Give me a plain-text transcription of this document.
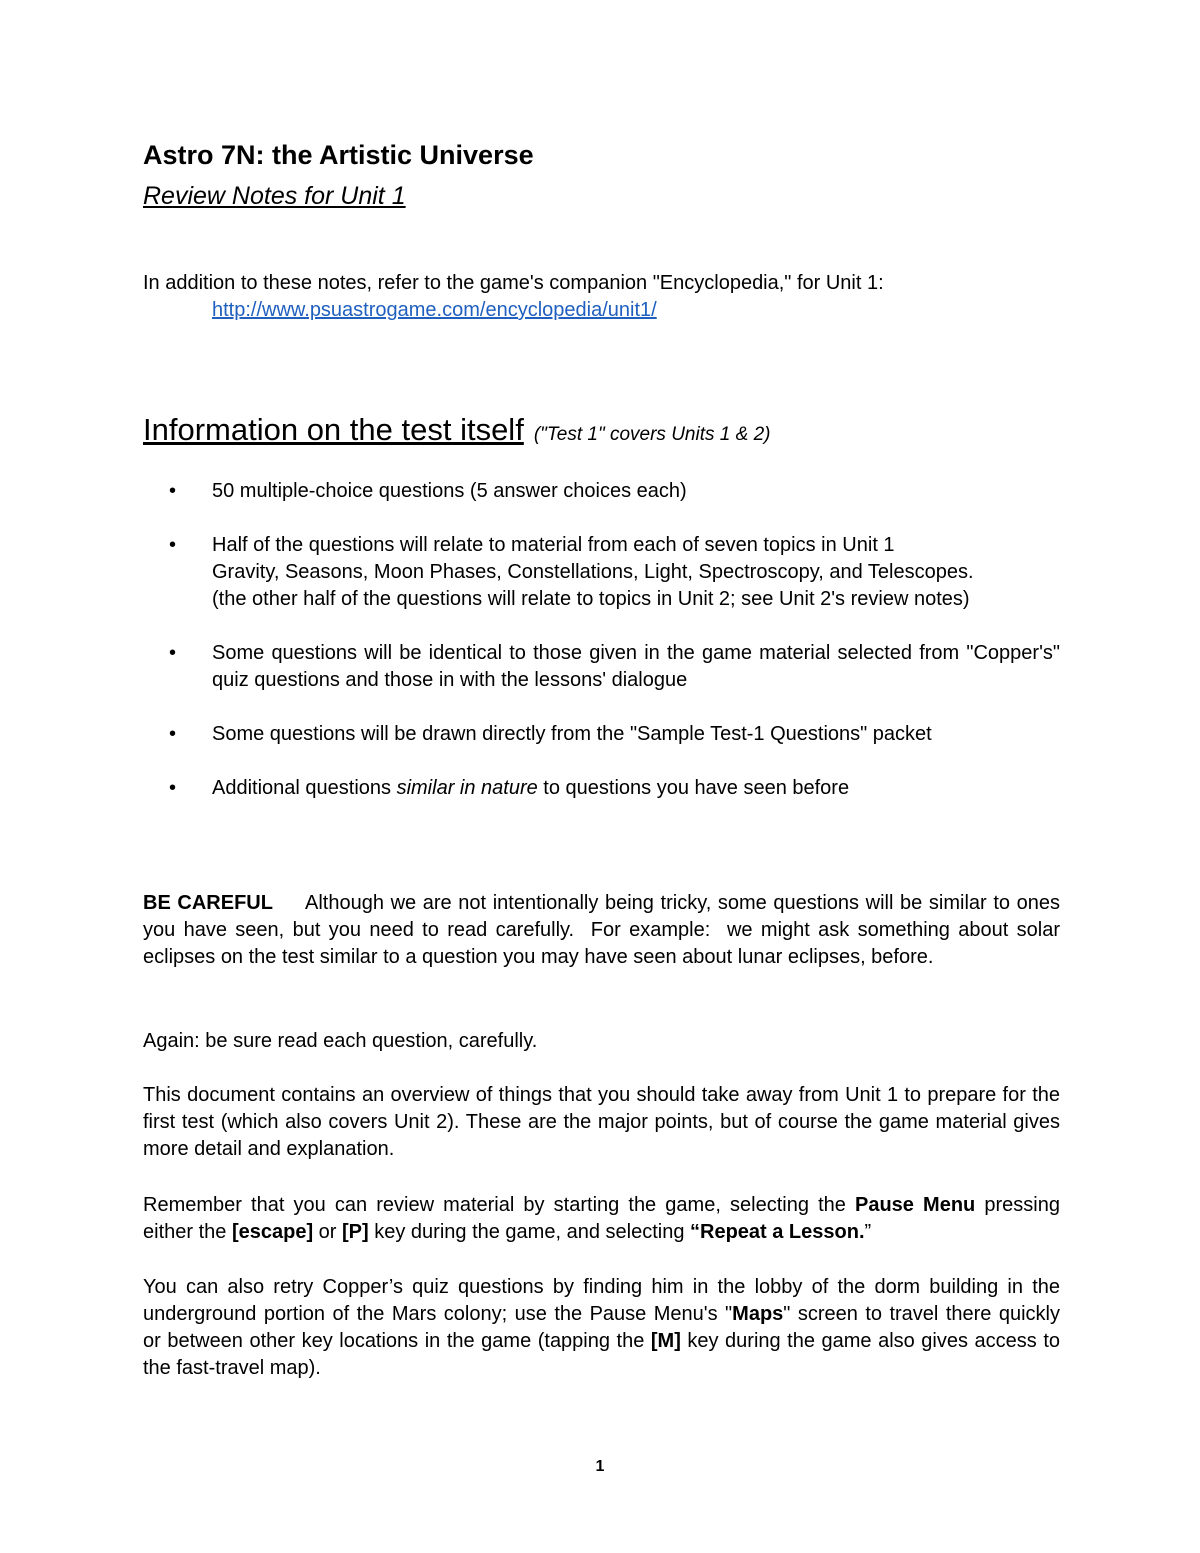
Astro 7N: the Artistic Universe
Review Notes for Unit 1
In addition to these notes, refer to the game's companion "Encyclopedia," for Unit 1:
http://www.psuastrogame.com/encyclopedia/unit1/
Information on the test itself ("Test 1" covers Units 1 & 2)
• 50 multiple-choice questions (5 answer choices each)
• Half of the questions will relate to material from each of seven topics in Unit 1
Gravity, Seasons, Moon Phases, Constellations, Light, Spectroscopy, and Telescopes.
(the other half of the questions will relate to topics in Unit 2; see Unit 2's review notes)
• Some questions will be identical to those given in the game material selected from "Copper's" quiz questions and those in with the lessons' dialogue
• Some questions will be drawn directly from the "Sample Test-1 Questions" packet
• Additional questions similar in nature to questions you have seen before
BE CAREFUL     Although we are not intentionally being tricky, some questions will be similar to ones you have seen, but you need to read carefully.  For example:  we might ask something about solar eclipses on the test similar to a question you may have seen about lunar eclipses, before.
Again: be sure read each question, carefully.
This document contains an overview of things that you should take away from Unit 1 to prepare for the first test (which also covers Unit 2). These are the major points, but of course the game material gives more detail and explanation.
Remember that you can review material by starting the game, selecting the Pause Menu pressing either the [escape] or [P] key during the game, and selecting “Repeat a Lesson.”
You can also retry Copper’s quiz questions by finding him in the lobby of the dorm building in the underground portion of the Mars colony; use the Pause Menu's "Maps" screen to travel there quickly     or between other key locations in the game (tapping the [M] key during the game also gives access to the fast-travel map).
1
